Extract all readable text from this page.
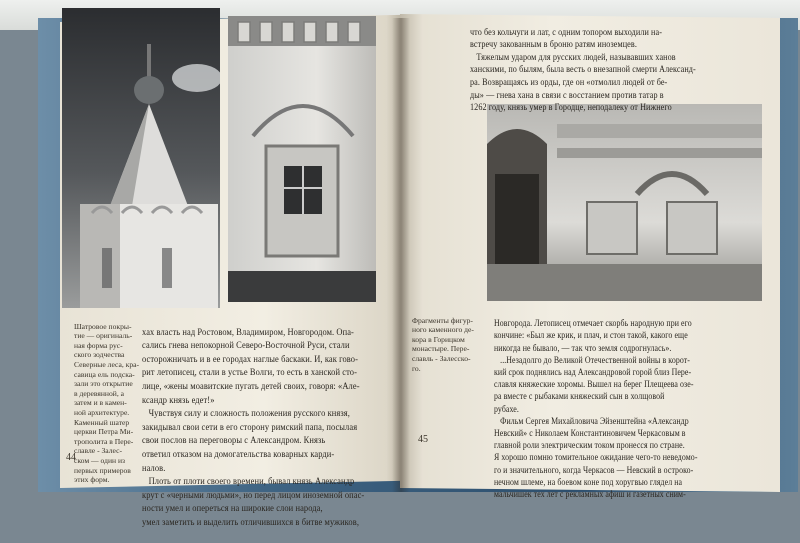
Шатровое покры-
тие — оригиналь-
ная форма рус-
ского зодчества
Северные леса, кра-
савица ель подска-
зали это открытие
в деревянной, а
затем и в камен-
ной архитектуре.
Каменный шатер
церкви Петра Ми-
трополита в Пере-
славле - Залес-
ском — один из
первых примеров
этих форм.

хах власть над Ростовом, Владимиром, Новгородом. Опа-
сались гнева непокорной Северо-Восточной Руси, стали
осторожничать и в ее городах наглые баскаки. И, как гово-
рит летописец, стали в устье Волги, то есть в ханской сто-
лице, «жены моавитские пугать детей своих, говоря: «Але-
ксандр князь едет!»
Чувствуя силу и сложность положения русского князя,
закидывал свои сети в его сторону римский папа, посылая
свои послов на переговоры с Александром. Князь
ответил отказом на домогательства коварных карди-
налов.
Плоть от плоти своего времени, бывал князь Александр
крут с «черными людьми», но перед лицом иноземной опас-
ности умел и опереться на широкие слои народа,
умел заметить и выделить отличившихся в битве мужиков,

44

что без кольчуги и лат, с одним топором выходили на-
встречу закованным в броню ратям иноземцев.
Тяжелым ударом для русских людей, называвших ханов
ханскими, по былям, была весть о внезапной смерти Александ-
ра. Возвращаясь из орды, где он «отмолил людей от бе-
ды» — гнева хана в связи с восстанием против татар в
1262 году, князь умер в Городце, неподалеку от Нижнего

Фрагменты фигур-
ного каменного де-
кора в Горицком
монастыре. Пере-
славль - Залесско-
го.

Новгорода. Летописец отмечает скорбь народную при его
кончине: «Был же крик, и плач, и стон такой, какого еще
никогда не бывало, — так что земля содрогнулась».
...Незадолго до Великой Отечественной войны в корот-
кий срок поднялись над Александровой горой близ Пере-
славля княжеские хоромы. Вышел на берег Плещеева озе-
ра вместе с рыбаками княжеский сын в холщовой
рубахе.
Фильм Сергея Михайловича Эйзенштейна «Александр
Невский» с Николаем Константиновичем Черкасовым в
главной роли электрическим током пронесся по стране.
Я хорошо помню томительное ожидание чего-то неведомо-
го и значительного, когда Черкасов — Невский в остроко-
нечном шлеме, на боевом коне под хоругвью глядел на
мальчишек тех лет с рекламных афиш и газетных сним-

45
